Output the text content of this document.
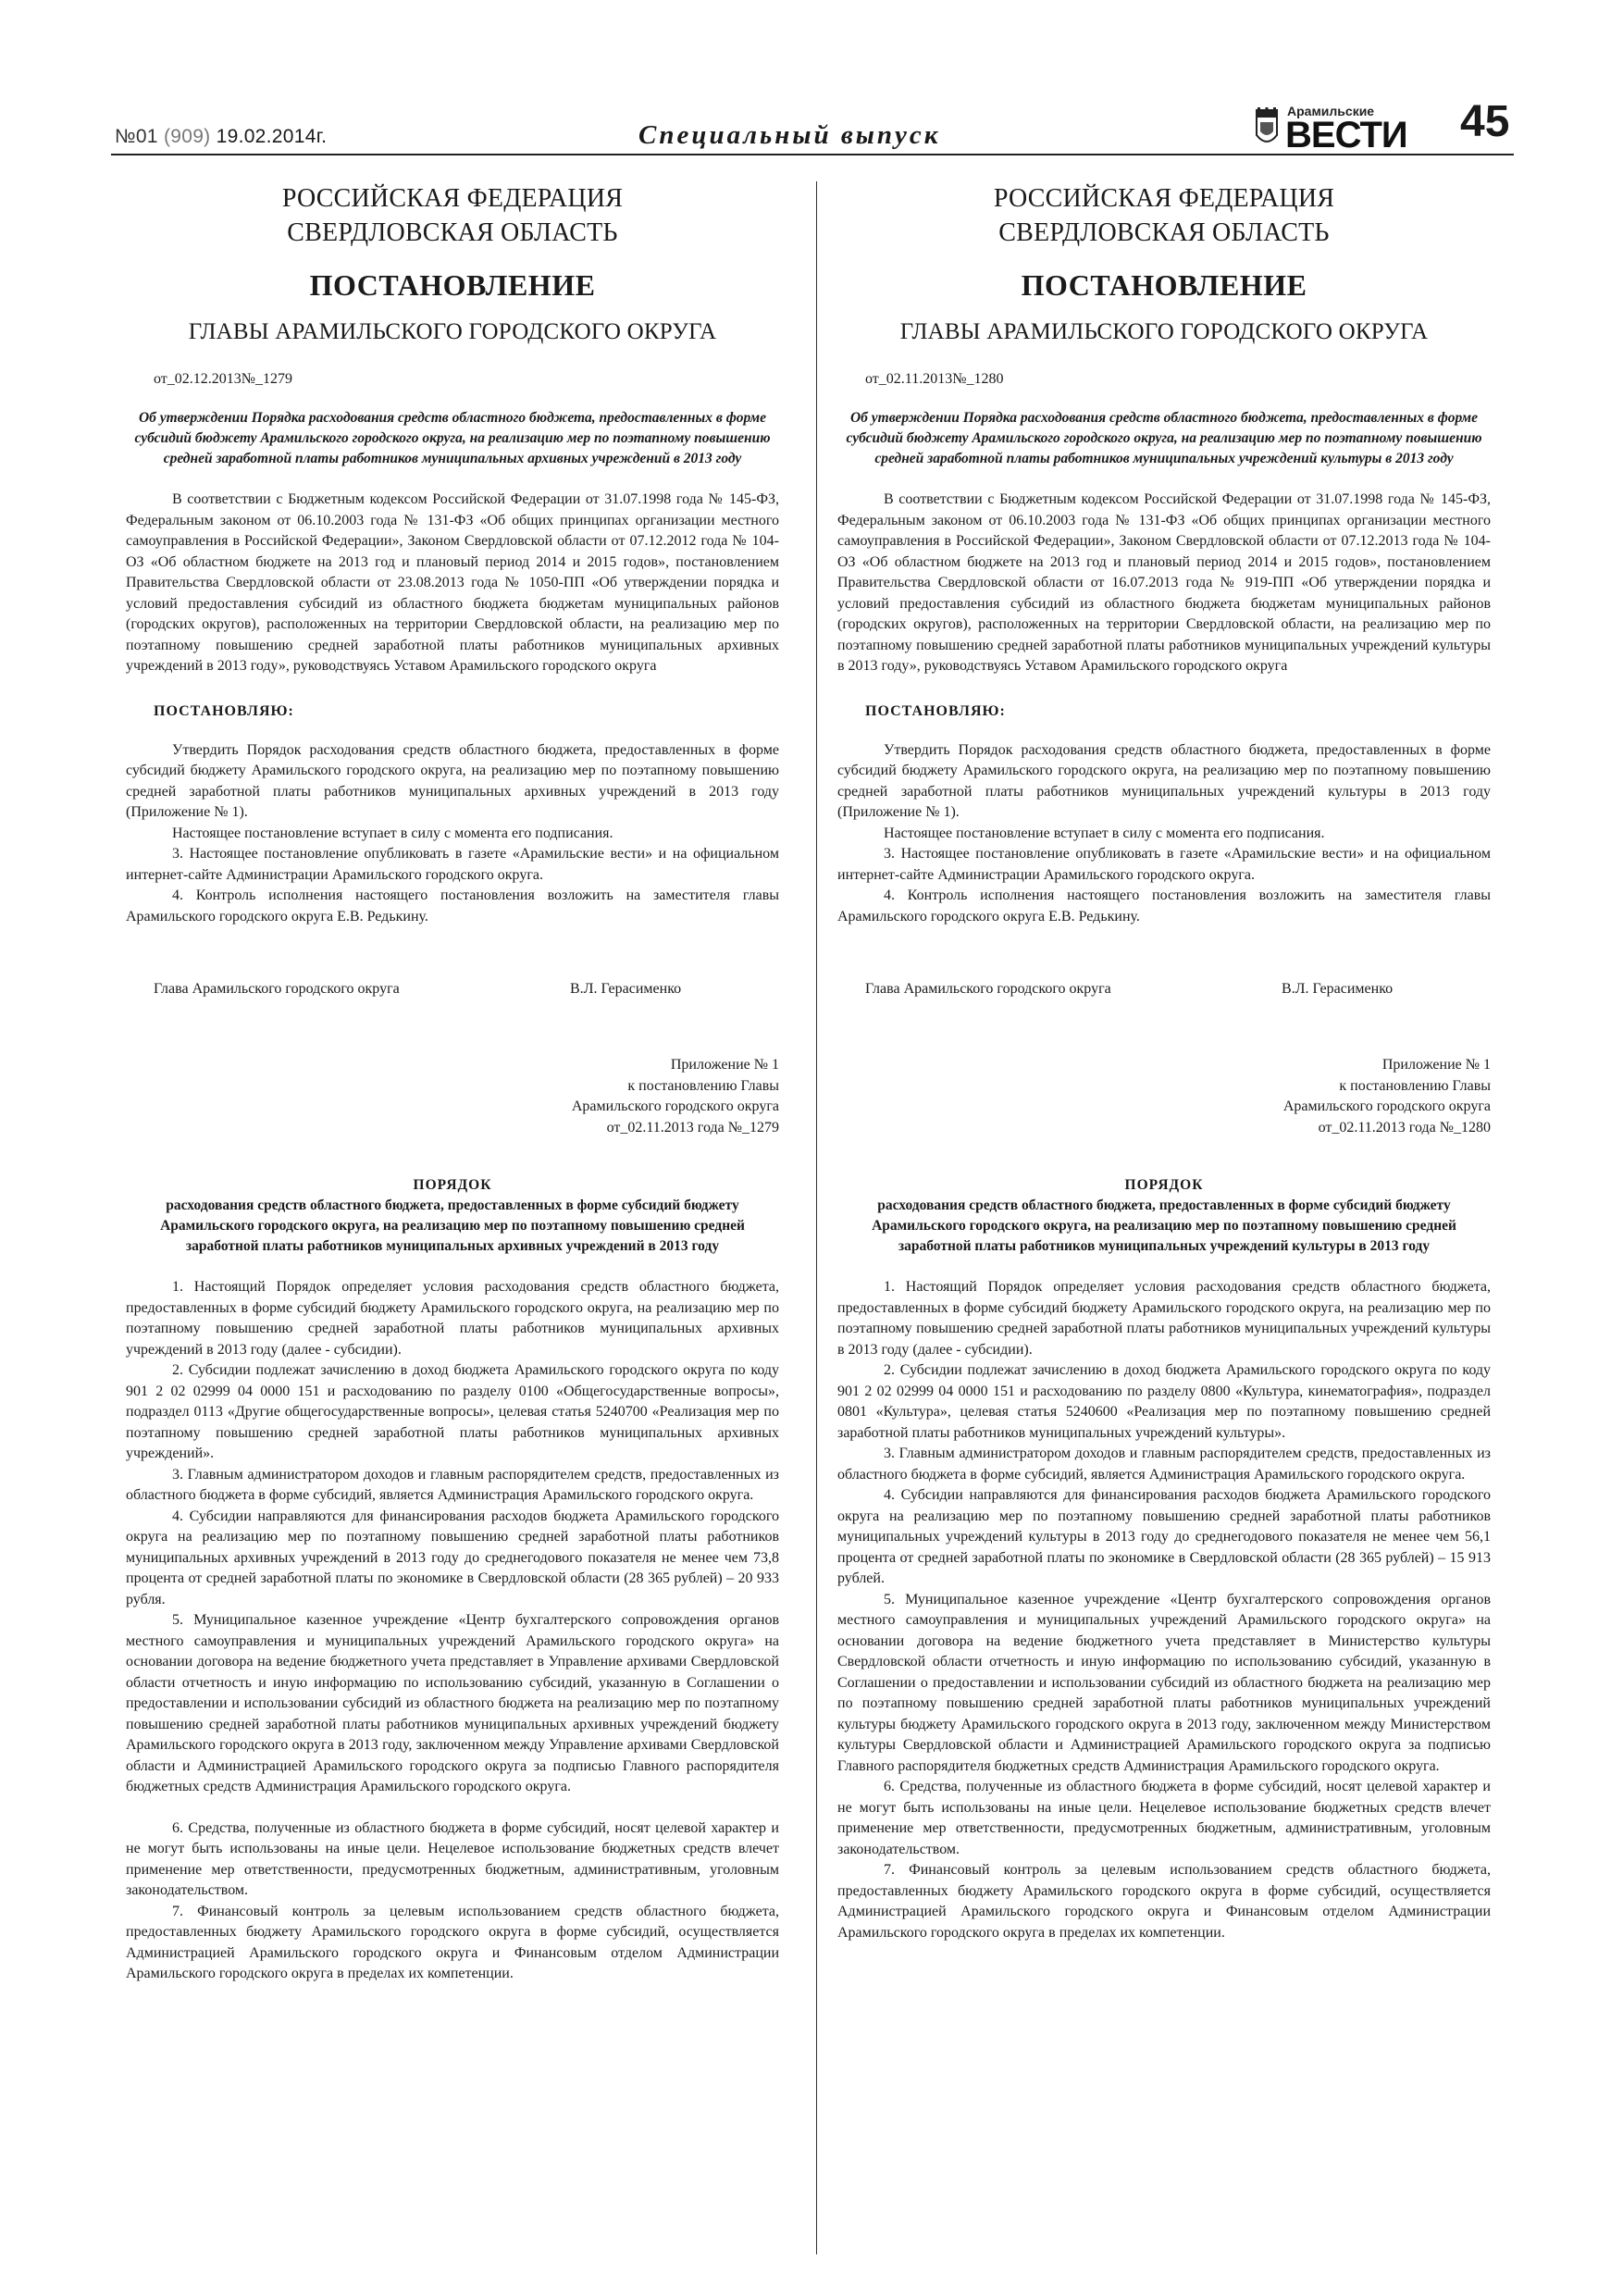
№01 (909) 19.02.2014г.	Специальный выпуск
Арамильские
ВЕСТИ 45
РОССИЙСКАЯ ФЕДЕРАЦИЯ
СВЕРДЛОВСКАЯ ОБЛАСТЬ
ПОСТАНОВЛЕНИЕ
ГЛАВЫ АРАМИЛЬСКОГО ГОРОДСКОГО ОКРУГА
от_02.12.2013№_1279
Об утверждении Порядка расходования средств областного бюджета, предоставленных в форме субсидий бюджету Арамильского городского округа, на реализацию мер по поэтапному повышению средней заработной платы работников муниципальных архивных учреждений в 2013 году

В соответствии с Бюджетным кодексом Российской Федерации от 31.07.1998 года № 145-ФЗ, Федеральным законом от 06.10.2003 года № 131-ФЗ «Об общих принципах организации местного самоуправления в Российской Федерации», Законом Свердловской области от 07.12.2012 года № 104-ОЗ «Об областном бюджете на 2013 год и плановый период 2014 и 2015 годов», постановлением Правительства Свердловской области от 23.08.2013 года № 1050-ПП «Об утверждении порядка и условий предоставления субсидий из областного бюджета бюджетам муниципальных районов (городских округов), расположенных на территории Свердловской области, на реализацию мер по поэтапному повышению средней заработной платы работников муниципальных архивных учреждений в 2013 году», руководствуясь Уставом Арамильского городского округа

ПОСТАНОВЛЯЮ:

Утвердить Порядок расходования средств областного бюджета, предоставленных в форме субсидий бюджету Арамильского городского округа, на реализацию мер по поэтапному повышению средней заработной платы работников муниципальных архивных учреждений в 2013 году (Приложение № 1).

Настоящее постановление вступает в силу с момента его подписания.

3. Настоящее постановление опубликовать в газете «Арамильские вести» и на официальном интернет-сайте Администрации Арамильского городского округа.

4. Контроль исполнения настоящего постановления возложить на заместителя главы Арамильского городского округа Е.В. Редькину.

Глава Арамильского городского округа	В.Л. Герасименко
Приложение № 1
к постановлению Главы
Арамильского городского округа
от_02.11.2013 года №_1279
ПОРЯДОК
расходования средств областного бюджета, предоставленных в форме субсидий бюджету Арамильского городского округа, на реализацию мер по поэтапному повышению средней заработной платы работников муниципальных архивных учреждений в 2013 году

1. Настоящий Порядок определяет условия расходования средств областного бюджета, предоставленных в форме субсидий бюджету Арамильского городского округа, на реализацию мер по поэтапному повышению средней заработной платы работников муниципальных архивных учреждений в 2013 году (далее - субсидии).

2. Субсидии подлежат зачислению в доход бюджета Арамильского городского округа по коду 901 2 02 02999 04 0000 151 и расходованию по разделу 0100 «Общегосударственные вопросы», подраздел 0113 «Другие общегосударственные вопросы», целевая статья 5240700 «Реализация мер по поэтапному повышению средней заработной платы работников муниципальных архивных учреждений».

3. Главным администратором доходов и главным распорядителем средств, предоставленных из областного бюджета в форме субсидий, является Администрация Арамильского городского округа.

4. Субсидии направляются для финансирования расходов бюджета Арамильского городского округа на реализацию мер по поэтапному повышению средней заработной платы работников муниципальных архивных учреждений в 2013 году до среднегодового показателя не менее чем 73,8 процента от средней заработной платы по экономике в Свердловской области (28 365 рублей) – 20 933 рубля.

5. Муниципальное казенное учреждение «Центр бухгалтерского сопровождения органов местного самоуправления и муниципальных учреждений Арамильского городского округа» на основании договора на ведение бюджетного учета представляет в Управление архивами Свердловской области отчетность и иную информацию по использованию субсидий, указанную в Соглашении о предоставлении и использовании субсидий из областного бюджета на реализацию мер по поэтапному повышению средней заработной платы работников муниципальных архивных учреждений бюджету Арамильского городского округа в 2013 году, заключенном между Управление архивами Свердловской области и Администрацией Арамильского городского округа за подписью Главного распорядителя бюджетных средств Администрация Арамильского городского округа.

6. Средства, полученные из областного бюджета в форме субсидий, носят целевой характер и не могут быть использованы на иные цели. Нецелевое использование бюджетных средств влечет применение мер ответственности, предусмотренных бюджетным, административным, уголовным законодательством.

7. Финансовый контроль за целевым использованием средств областного бюджета, предоставленных бюджету Арамильского городского округа в форме субсидий, осуществляется Администрацией Арамильского городского округа и Финансовым отделом Администрации Арамильского городского округа в пределах их компетенции.

РОССИЙСКАЯ ФЕДЕРАЦИЯ
СВЕРДЛОВСКАЯ ОБЛАСТЬ
ПОСТАНОВЛЕНИЕ
ГЛАВЫ АРАМИЛЬСКОГО ГОРОДСКОГО ОКРУГА
от_02.11.2013№_1280
Об утверждении Порядка расходования средств областного бюджета, предоставленных в форме субсидий бюджету Арамильского городского округа, на реализацию мер по поэтапному повышению средней заработной платы работников муниципальных учреждений культуры в 2013 году

В соответствии с Бюджетным кодексом Российской Федерации от 31.07.1998 года № 145-ФЗ, Федеральным законом от 06.10.2003 года № 131-ФЗ «Об общих принципах организации местного самоуправления в Российской Федерации», Законом Свердловской области от 07.12.2013 года № 104-ОЗ «Об областном бюджете на 2013 год и плановый период 2014 и 2015 годов», постановлением Правительства Свердловской области от 16.07.2013 года № 919-ПП «Об утверждении порядка и условий предоставления субсидий из областного бюджета бюджетам муниципальных районов (городских округов), расположенных на территории Свердловской области, на реализацию мер по поэтапному повышению средней заработной платы работников муниципальных учреждений культуры в 2013 году», руководствуясь Уставом Арамильского городского округа

ПОСТАНОВЛЯЮ:

Утвердить Порядок расходования средств областного бюджета, предоставленных в форме субсидий бюджету Арамильского городского округа, на реализацию мер по поэтапному повышению средней заработной платы работников муниципальных учреждений культуры в 2013 году (Приложение № 1).

Настоящее постановление вступает в силу с момента его подписания.

3. Настоящее постановление опубликовать в газете «Арамильские вести» и на официальном интернет-сайте Администрации Арамильского городского округа.

4. Контроль исполнения настоящего постановления возложить на заместителя главы Арамильского городского округа Е.В. Редькину.

Глава Арамильского городского округа	В.Л. Герасименко
Приложение № 1
к постановлению Главы
Арамильского городского округа
от_02.11.2013 года №_1280
ПОРЯДОК
расходования средств областного бюджета, предоставленных в форме субсидий бюджету Арамильского городского округа, на реализацию мер по поэтапному повышению средней заработной платы работников муниципальных учреждений культуры в 2013 году

1. Настоящий Порядок определяет условия расходования средств областного бюджета, предоставленных в форме субсидий бюджету Арамильского городского округа, на реализацию мер по поэтапному повышению средней заработной платы работников муниципальных учреждений культуры в 2013 году (далее - субсидии).

2. Субсидии подлежат зачислению в доход бюджета Арамильского городского округа по коду 901 2 02 02999 04 0000 151 и расходованию по разделу 0800 «Культура, кинематография», подраздел 0801 «Культура», целевая статья 5240600 «Реализация мер по поэтапному повышению средней заработной платы работников муниципальных учреждений культуры».

3. Главным администратором доходов и главным распорядителем средств, предоставленных из областного бюджета в форме субсидий, является Администрация Арамильского городского округа.

4. Субсидии направляются для финансирования расходов бюджета Арамильского городского округа на реализацию мер по поэтапному повышению средней заработной платы работников муниципальных учреждений культуры в 2013 году до среднегодового показателя не менее чем 56,1 процента от средней заработной платы по экономике в Свердловской области (28 365 рублей) – 15 913 рублей.

5. Муниципальное казенное учреждение «Центр бухгалтерского сопровождения органов местного самоуправления и муниципальных учреждений Арамильского городского округа» на основании договора на ведение бюджетного учета представляет в Министерство культуры Свердловской области отчетность и иную информацию по использованию субсидий, указанную в Соглашении о предоставлении и использовании субсидий из областного бюджета на реализацию мер по поэтапному повышению средней заработной платы работников муниципальных учреждений культуры бюджету Арамильского городского округа в 2013 году, заключенном между Министерством культуры Свердловской области и Администрацией Арамильского городского округа за подписью Главного распорядителя бюджетных средств Администрация Арамильского городского округа.

6. Средства, полученные из областного бюджета в форме субсидий, носят целевой характер и не могут быть использованы на иные цели. Нецелевое использование бюджетных средств влечет применение мер ответственности, предусмотренных бюджетным, административным, уголовным законодательством.

7. Финансовый контроль за целевым использованием средств областного бюджета, предоставленных бюджету Арамильского городского округа в форме субсидий, осуществляется Администрацией Арамильского городского округа и Финансовым отделом Администрации Арамильского городского округа в пределах их компетенции.
